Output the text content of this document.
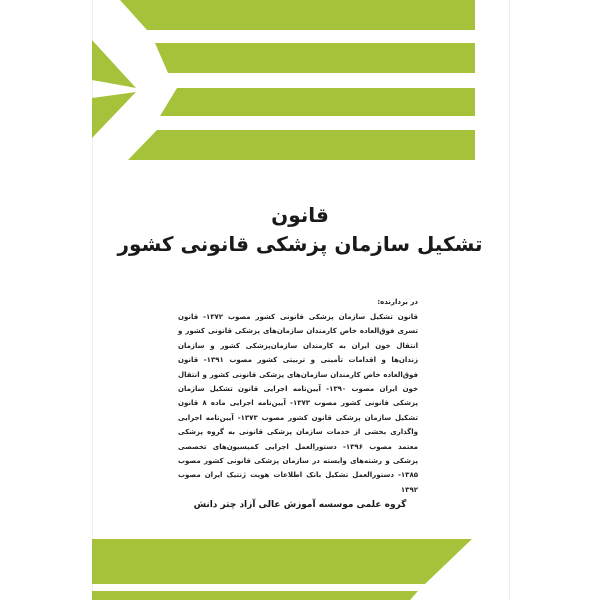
قانون
تشکیل سازمان پزشکی قانونی کشور
در بردارنده:
قانون تشکیل سازمان پزشکی قانونی کشور مصوب ۱۳۷۲- قانون تسری فوق‌العاده خاص کارمندان سازمان‌های پزشکی قانونی کشور و انتقال خون ایران به کارمندان سازمان‌پزشکی کشور و سازمان زندان‌ها و اقدامات تأمینی و تربیتی کشور مصوب ۱۳۹۱- قانون فوق‌العاده خاص کارمندان سازمان‌های پزشکی قانونی کشور و انتقال خون ایران مصوب ۱۳۹۰- آیین‌نامه اجرایی قانون تشکیل سازمان پزشکی قانونی کشور مصوب ۱۳۷۳- آیین‌نامه اجرایی ماده ۸ قانون تشکیل سازمان پزشکی قانون کشور مصوب ۱۳۷۳- آیین‌نامه اجرایی واگذاری بخشی از خدمات سازمان پزشکی قانونی به گروه پزشکی معتمد مصوب ۱۳۹۶- دستورالعمل اجرایی کمیسیون‌های تخصصی پزشکی و رشته‌های وابسته در سازمان پزشکی قانونی کشور مصوب ۱۳۸۵- دستورالعمل تشکیل بانک اطلاعات هویت ژنتیک ایران مصوب ۱۳۹۲
گروه علمی موسسه آموزش عالی آزاد چتر دانش
